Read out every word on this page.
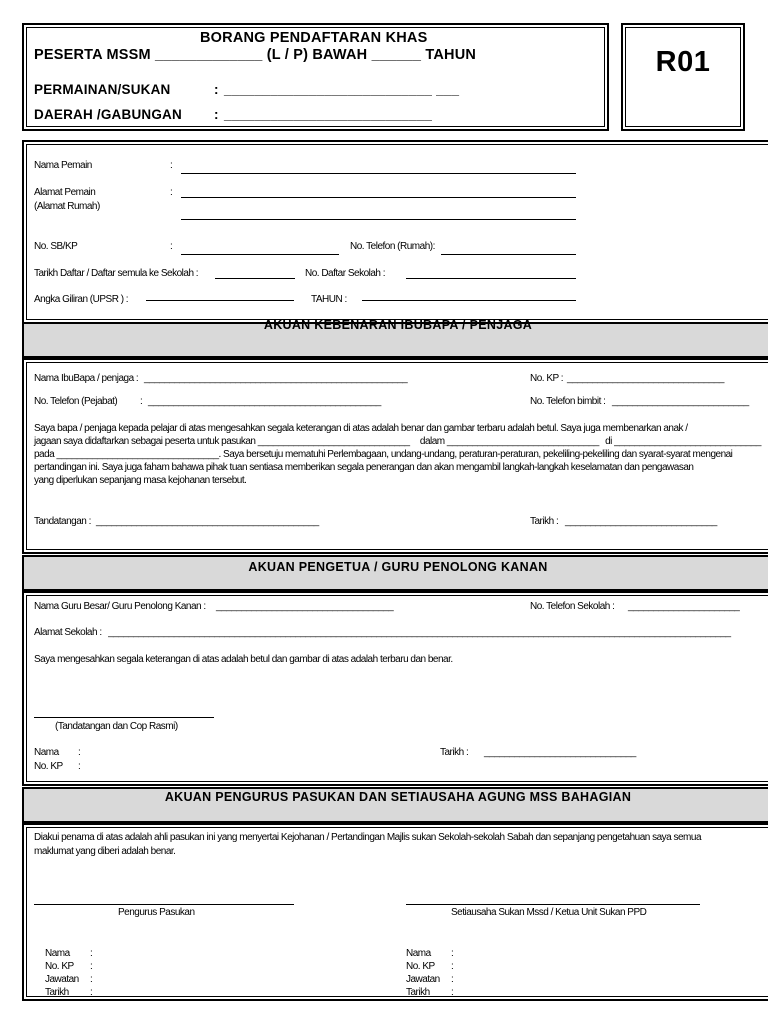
BORANG PENDAFTARAN KHAS
PESERTA MSSM _____________ (L / P) BAWAH ______ TAHUN
PERMAINAN/SUKAN	: ___________________________ ___
DAERAH /GABUNGAN : ___________________________
R01
Nama Pemain	:
Alamat Pemain
(Alamat Rumah)
:
No. SB/KP	:	No. Telefon (Rumah):
Tarikh Daftar / Daftar semula ke Sekolah :	No. Daftar Sekolah :
Angka Giliran (UPSR ) :	TAHUN :
AKUAN KEBENARAN IBUBAPA / PENJAGA
Nama IbuBapa / penjaga : ____________________________________________________	No. KP : _______________________________
No. Telefon (Pejabat) : ______________________________________________	No. Telefon bimbit : ___________________________
Saya bapa / penjaga kepada pelajar di atas mengesahkan segala keterangan di atas adalah benar dan gambar terbaru adalah betul. Saya juga membenarkan anak /
jagaan saya didaftarkan sebagai peserta untuk pasukan ______________________________ dalam ______________________________ di _____________________________
pada ________________________________. Saya bersetuju mematuhi Perlembagaan, undang-undang, peraturan-peraturan, pekeliling-pekeliling dan syarat-syarat mengenai
pertandingan ini. Saya juga faham bahawa pihak tuan sentiasa memberikan segala penerangan dan akan mengambil langkah-langkah keselamatan dan pengawasan
yang diperlukan sepanjang masa kejohanan tersebut.
Tandatangan : ____________________________________________	Tarikh : ______________________________
AKUAN PENGETUA / GURU PENOLONG KANAN
Nama Guru Besar/ Guru Penolong Kanan : ___________________________________	No. Telefon Sekolah : ______________________
Alamat Sekolah : ___________________________________________________________________________________________________________________________
Saya mengesahkan segala keterangan di atas adalah betul dan gambar di atas adalah terbaru dan benar.
(Tandatangan dan Cop Rasmi)
Nama :
No. KP :
Tarikh : ______________________________
AKUAN PENGURUS PASUKAN DAN SETIAUSAHA AGUNG MSS BAHAGIAN
Diakui penama di atas adalah ahli pasukan ini yang menyertai Kejohanan / Pertandingan Majlis sukan Sekolah-sekolah Sabah dan sepanjang pengetahuan saya semua
maklumat yang diberi adalah benar.
Pengurus Pasukan	Setiausaha Sukan Mssd / Ketua Unit Sukan PPD
Nama :
No. KP :
Jawatan :
Tarikh :
Nama :
No. KP :
Jawatan :
Tarikh :
